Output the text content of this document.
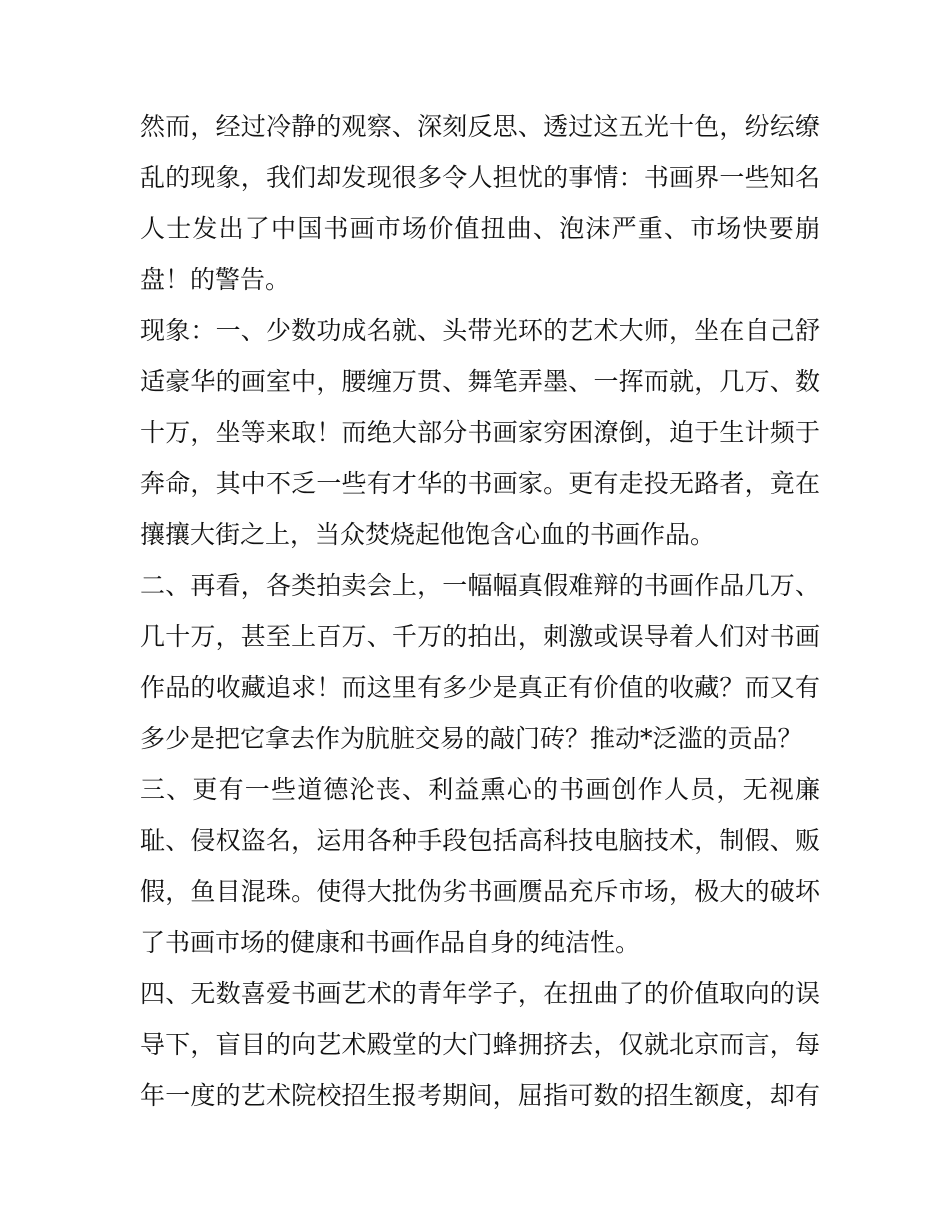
然而，经过冷静的观察、深刻反思、透过这五光十色，纷纭缭
乱的现象，我们却发现很多令人担忧的事情：书画界一些知名
人士发出了中国书画市场价值扭曲、泡沫严重、市场快要崩
盘！的警告。
现象：一、少数功成名就、头带光环的艺术大师，坐在自己舒
适豪华的画室中，腰缠万贯、舞笔弄墨、一挥而就，几万、数
十万，坐等来取！而绝大部分书画家穷困潦倒，迫于生计频于
奔命，其中不乏一些有才华的书画家。更有走投无路者，竟在
攘攘大街之上，当众焚烧起他饱含心血的书画作品。
二、再看，各类拍卖会上，一幅幅真假难辩的书画作品几万、
几十万，甚至上百万、千万的拍出，刺激或误导着人们对书画
作品的收藏追求！而这里有多少是真正有价值的收藏？而又有
多少是把它拿去作为肮脏交易的敲门砖？推动*泛滥的贡品？
三、更有一些道德沦丧、利益熏心的书画创作人员，无视廉
耻、侵权盗名，运用各种手段包括高科技电脑技术，制假、贩
假，鱼目混珠。使得大批伪劣书画赝品充斥市场，极大的破坏
了书画市场的健康和书画作品自身的纯洁性。
四、无数喜爱书画艺术的青年学子，在扭曲了的价值取向的误
导下，盲目的向艺术殿堂的大门蜂拥挤去，仅就北京而言，每
年一度的艺术院校招生报考期间，屈指可数的招生额度，却有
